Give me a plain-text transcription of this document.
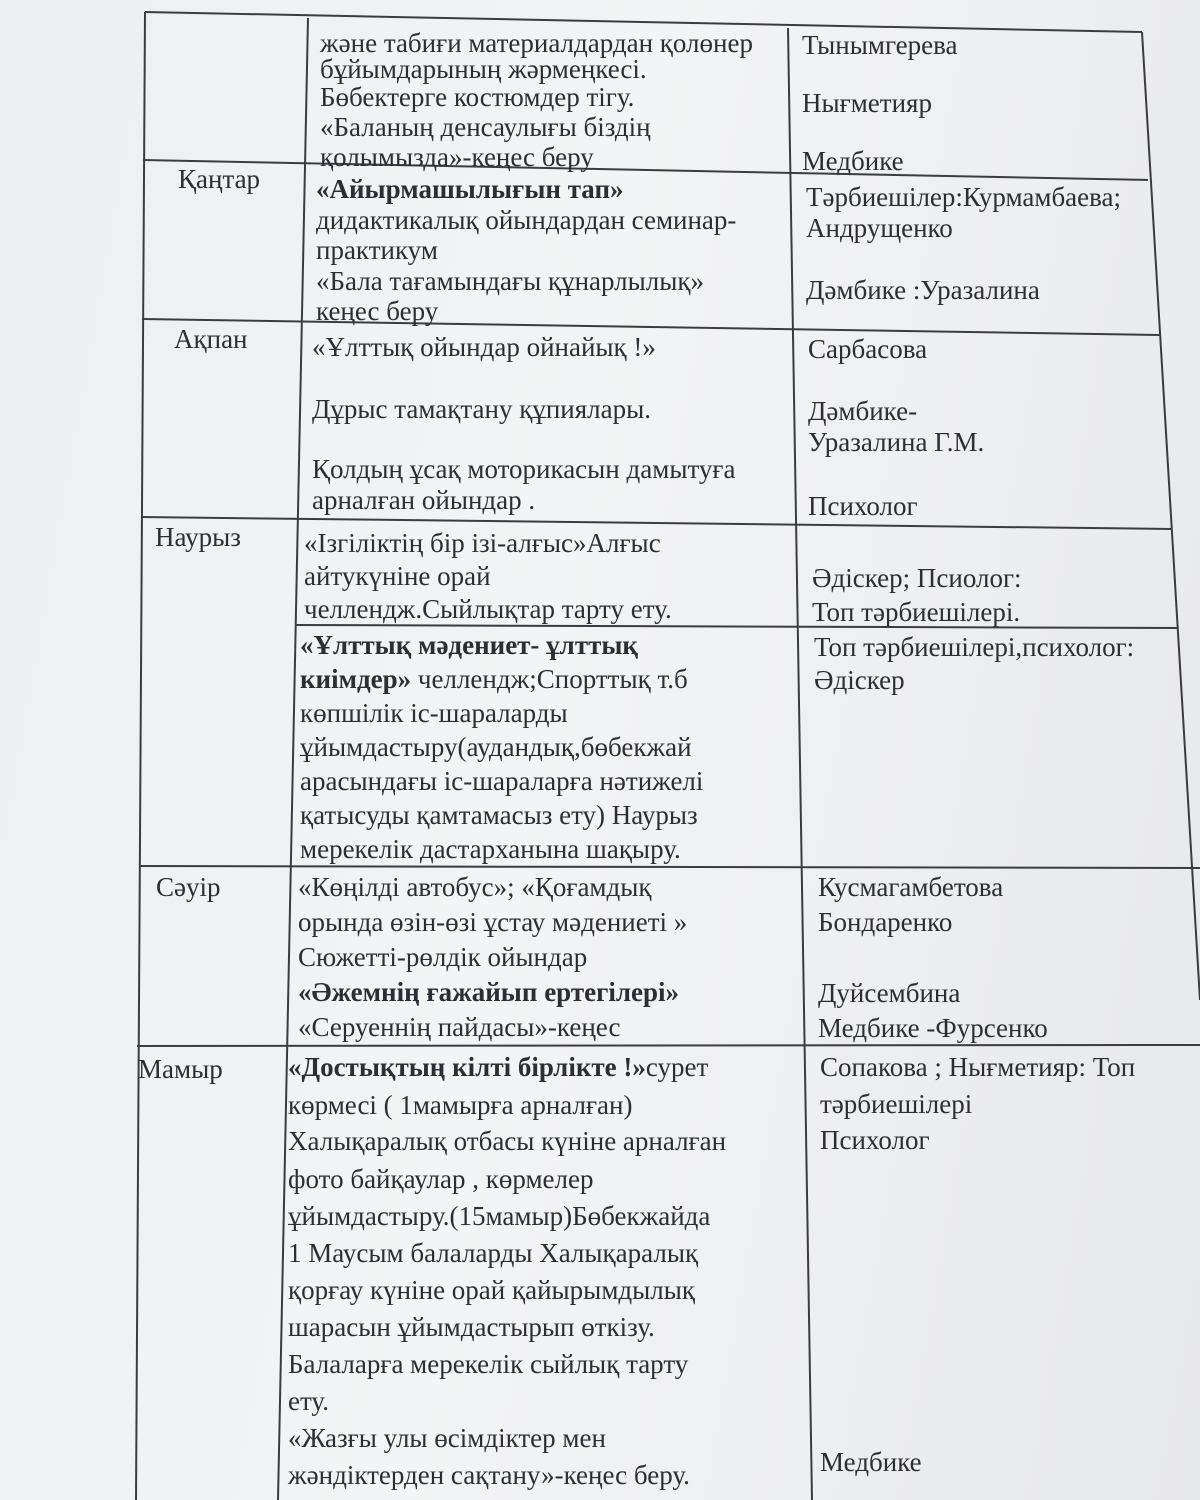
және табиғи материалдардан қолөнер
бұйымдарының жәрмеңкесі.
Бөбектерге костюмдер тігу.
«Баланың денсаулығы біздің
қолымызда»-кеңес беру
Тынымгерева
Нығметияр
Медбике
Қаңтар «Айырмашылығын тап»
дидактикалық ойындардан семинар-
практикум
«Бала тағамындағы құнарлылық»
кеңес беру
Тәрбиешілер:Курмамбаева;
Андрущенко
Дәмбике :Уразалина
Ақпан «Ұлттық ойындар ойнайық !»
Дұрыс тамақтану құпиялары.
Қолдың ұсақ моторикасын дамытуға
арналған ойындар .
Сарбасова
Дәмбике-
Уразалина Г.М.
Психолог
Наурыз «Ізгіліктің бір ізі-алғыс»Алғыс
айтукүніне орай
челлендж.Сыйлықтар тарту ету.
Әдіскер; Псиолог:
Топ тәрбиешілері.
«Ұлттық мәдениет- ұлттық
киімдер» челлендж;Спорттық т.б
көпшілік іс-шараларды
ұйымдастыру(аудандық,бөбекжай
арасындағы іс-шараларға нәтижелі
қатысуды қамтамасыз ету) Наурыз
мерекелік дастарханына шақыру.
Топ тәрбиешілері,психолог:
Әдіскер
Сәуір	«Көңілді автобус»; «Қоғамдық
орында өзін-өзі ұстау мәдениеті »
Сюжетті-рөлдік ойындар
«Әжемнің ғажайып ертегілері»
«Серуеннің пайдасы»-кеңес
Кусмагамбетова
Бондаренко
Дуйсембина
Медбике -Фурсенко
Мамыр «Достықтың кілті бірлікте !»сурет
көрмесі ( 1мамырға арналған)
Халықаралық отбасы күніне арналған
фото байқаулар , көрмелер
ұйымдастыру.(15мамыр)Бөбекжайда
1 Маусым балаларды Халықаралық
қорғау күніне орай қайырымдылық
шарасын ұйымдастырып өткізу.
Балаларға мерекелік сыйлық тарту
ету.
«Жазғы улы өсімдіктер мен
жәндіктерден сақтану»-кеңес беру.
Сопакова ; Нығметияр: Топ
тәрбиешілері
Психолог
Медбике
